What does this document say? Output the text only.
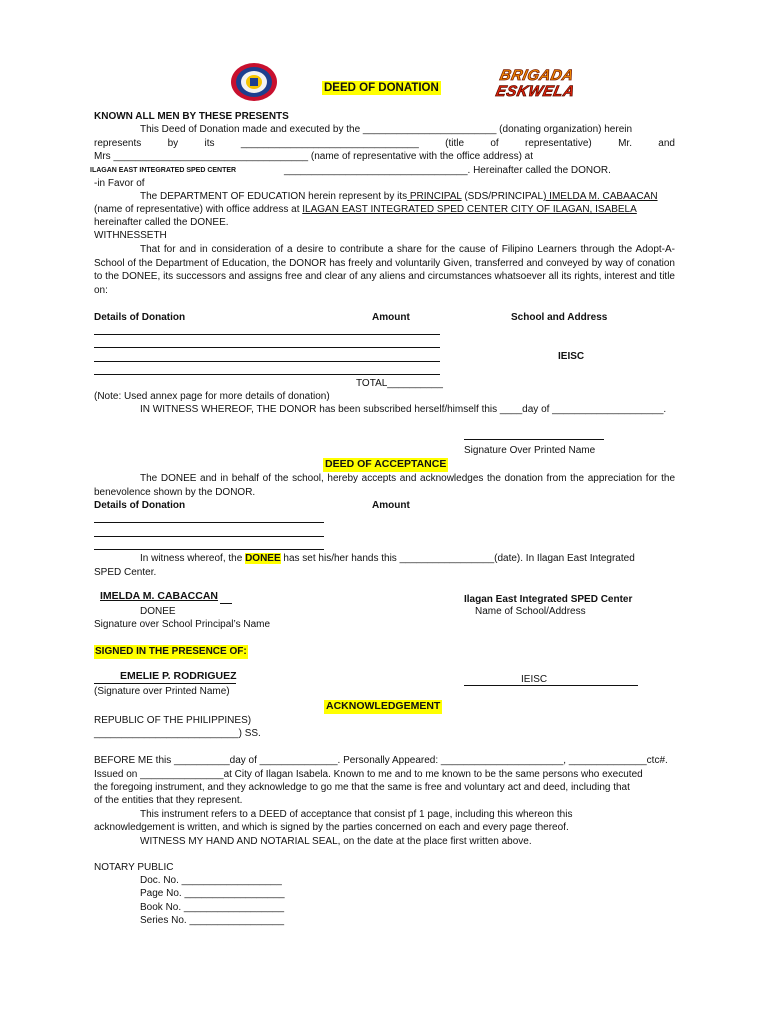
DEED OF DONATION
BRIGADA
ESKWELA
KNOWN ALL MEN BY THESE PRESENTS
This Deed of Donation made and executed by the ________________________ (donating organization) herein
represents by its ________________________________ (title of representative) Mr. and
Mrs ___________________________________ (name of representative with the office address) at
ILAGAN EAST INTEGRATED SPED CENTER	_________________________________. Hereinafter called the DONOR.
-in Favor of
The DEPARTMENT OF EDUCATION herein represent by its PRINCIPAL (SDS/PRINCIPAL) IMELDA M. CABAACAN
(name of representative) with office address at ILAGAN EAST INTEGRATED SPED CENTER CITY OF ILAGAN, ISABELA
hereinafter called the DONEE.
WITHNESSETH
That for and in consideration of a desire to contribute a share for the cause of Filipino Learners through the Adopt-A-School of the Department of Education, the DONOR has freely and voluntarily Given, transferred and conveyed by way of conation to the DONEE, its successors and assigns free and clear of any aliens and circumstances whatsoever all its rights, interest and title on:
Details of Donation	Amount	School and Address
IEISC
TOTAL__________
(Note: Used annex page for more details of donation)
IN WITNESS WHEREOF, THE DONOR has been subscribed herself/himself this ____day of ____________________.
Signature Over Printed Name
DEED OF ACCEPTANCE
The DONEE and in behalf of the school, hereby accepts and acknowledges the donation from the appreciation for the benevolence shown by the DONOR.
Details of Donation	Amount
In witness whereof, the DONEE has set his/her hands this _________________(date). In Ilagan East Integrated
SPED Center.
IMELDA M. CABACCAN
DONEE
Signature over School Principal’s Name
Ilagan East Integrated SPED Center
Name of School/Address
SIGNED IN THE PRESENCE OF:
EMELIE P. RODRIGUEZ
(Signature over Printed Name)
IEISC
ACKNOWLEDGEMENT
REPUBLIC OF THE PHILIPPINES)
__________________________) SS.
BEFORE ME this __________day of ______________. Personally Appeared: ______________________, ______________ctc#.
Issued on _______________at City of Ilagan Isabela. Known to me and to me known to be the same persons who executed
the foregoing instrument, and they acknowledge to go me that the same is free and voluntary act and deed, including that
of the entities that they represent.
This instrument refers to a DEED of acceptance that consist pf 1 page, including this whereon this
acknowledgement is written, and which is signed by the parties concerned on each and every page thereof.
WITNESS MY HAND AND NOTARIAL SEAL, on the date at the place first written above.
NOTARY PUBLIC
Doc. No. __________________
Page No. __________________
Book No. __________________
Series No. _________________
